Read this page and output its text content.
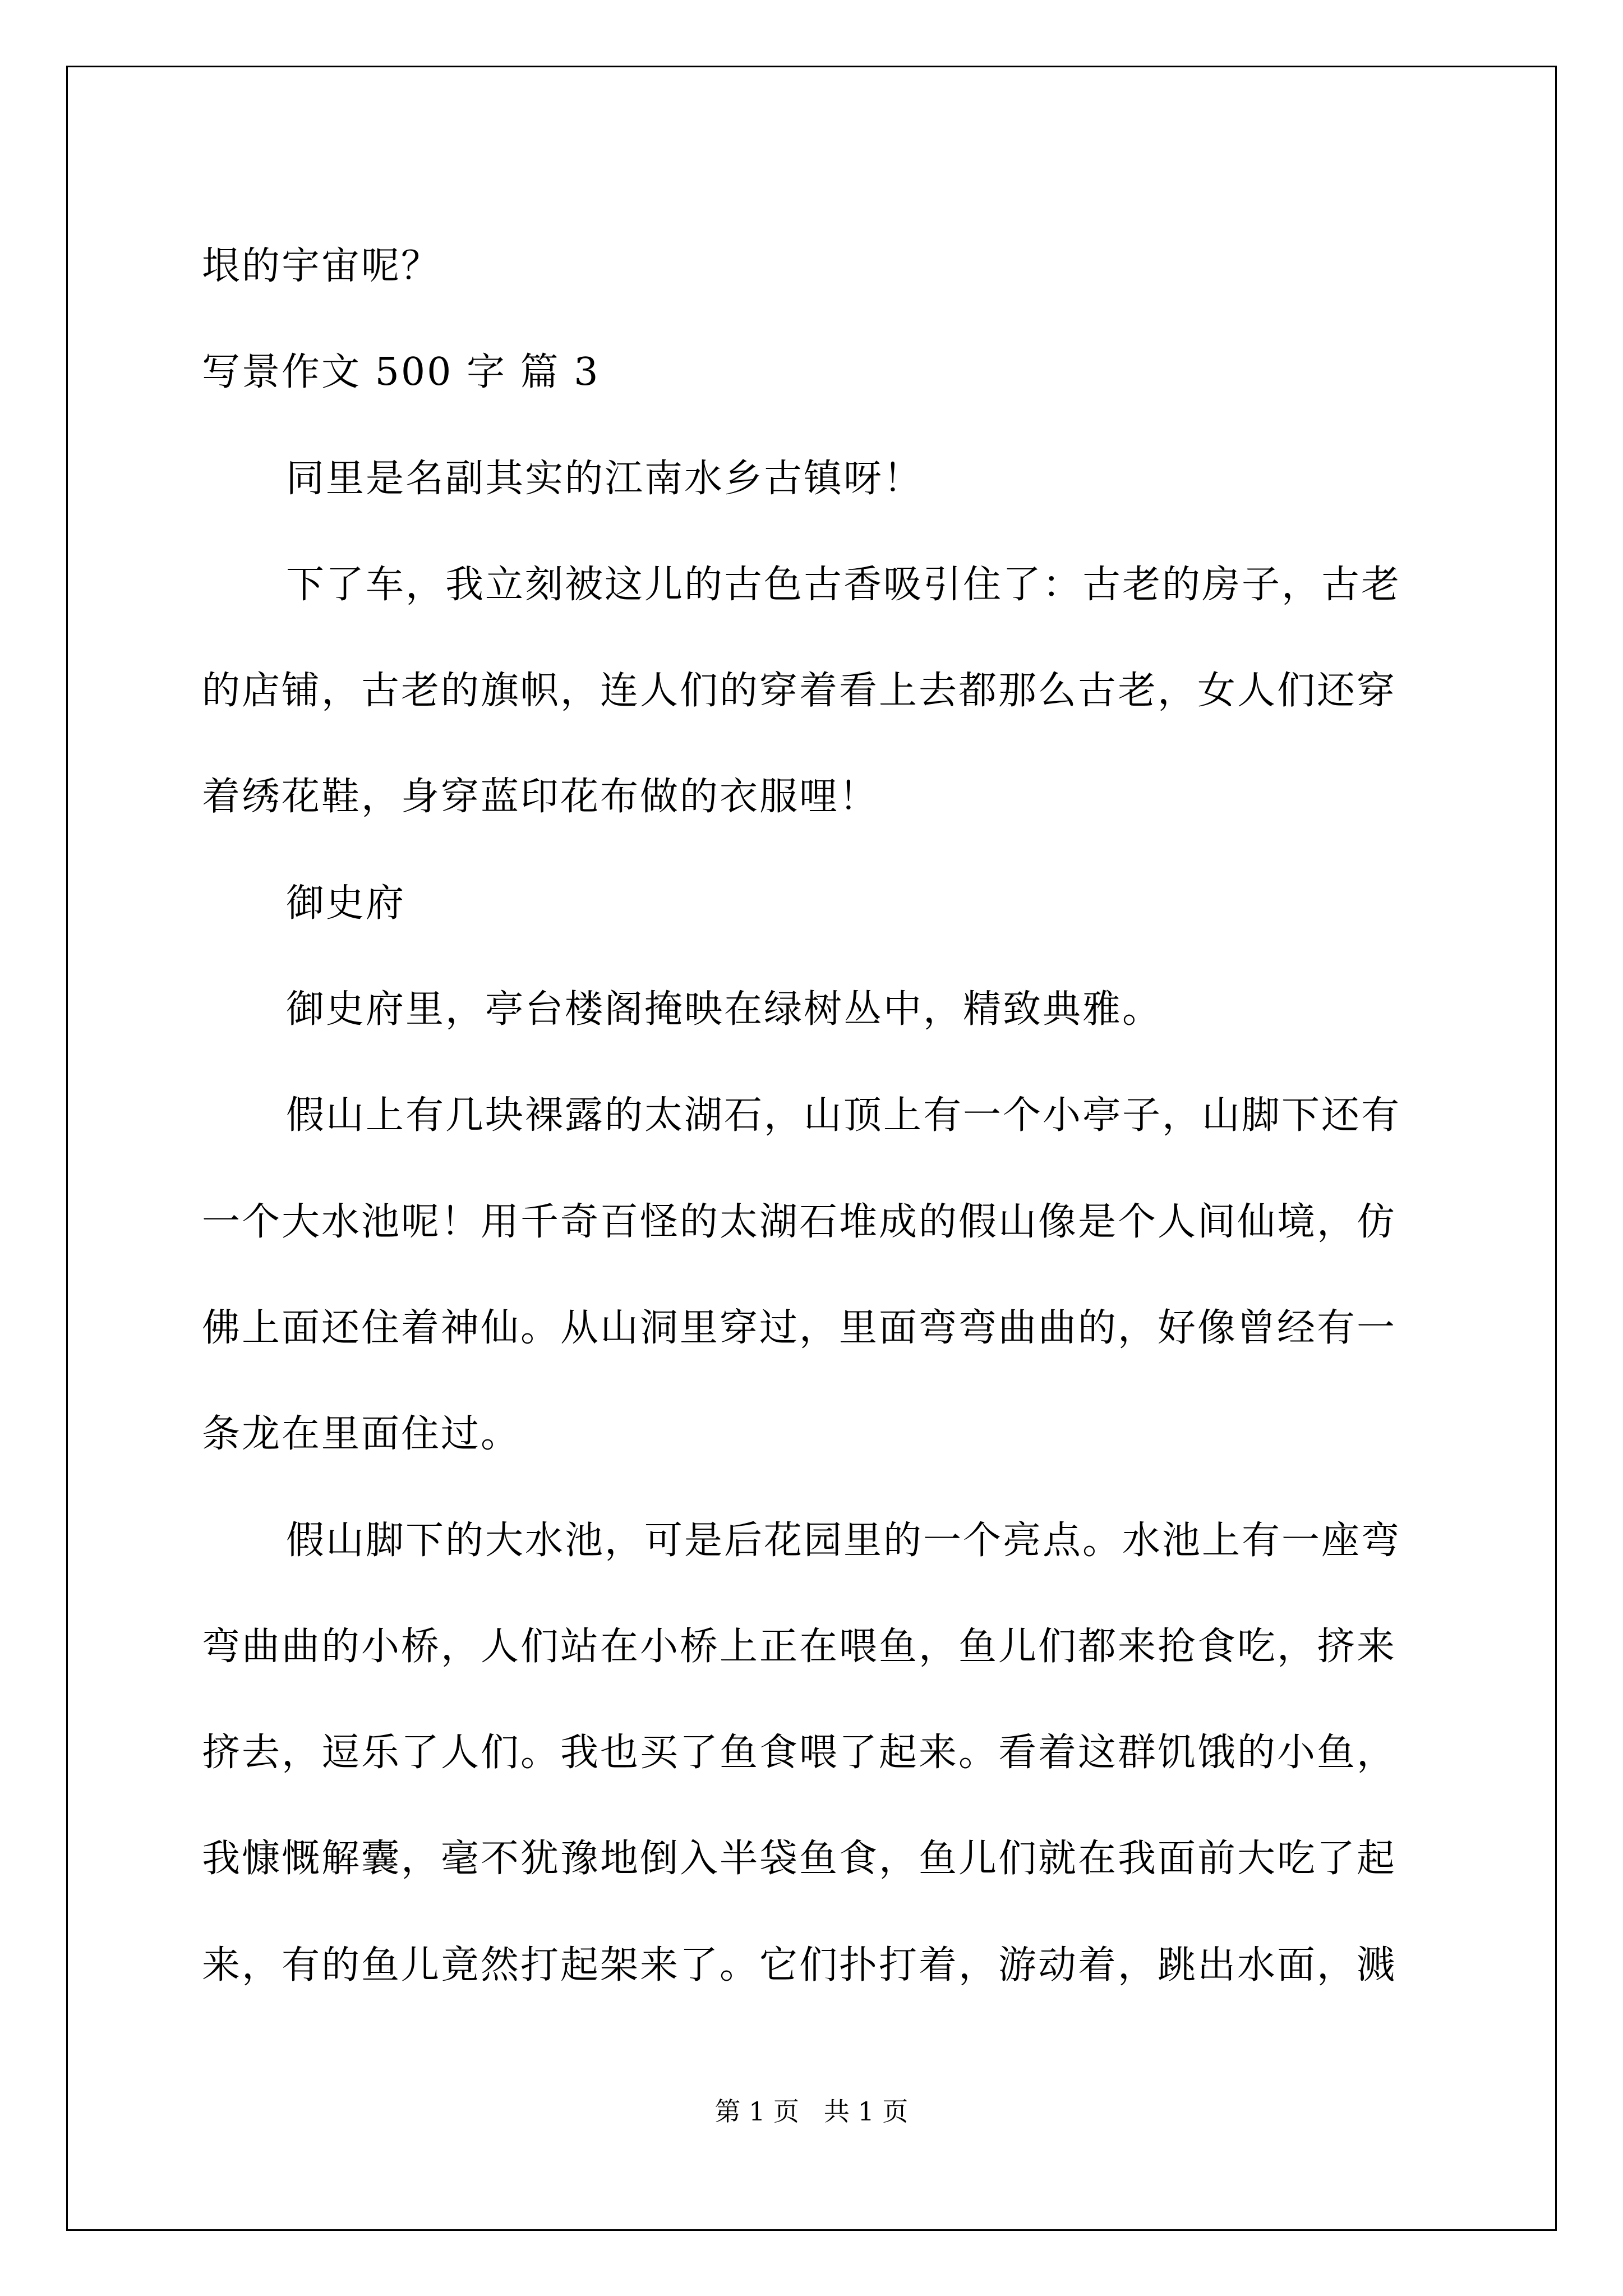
垠的宇宙呢？
写景作文 500 字 篇 3
同里是名副其实的江南水乡古镇呀！
下了车，我立刻被这儿的古色古香吸引住了：古老的房子，古老
的店铺，古老的旗帜，连人们的穿着看上去都那么古老，女人们还穿
着绣花鞋，身穿蓝印花布做的衣服哩！
御史府
御史府里，亭台楼阁掩映在绿树丛中，精致典雅。
假山上有几块裸露的太湖石，山顶上有一个小亭子，山脚下还有
一个大水池呢！用千奇百怪的太湖石堆成的假山像是个人间仙境，仿
佛上面还住着神仙。从山洞里穿过，里面弯弯曲曲的，好像曾经有一
条龙在里面住过。
假山脚下的大水池，可是后花园里的一个亮点。水池上有一座弯
弯曲曲的小桥，人们站在小桥上正在喂鱼，鱼儿们都来抢食吃，挤来
挤去，逗乐了人们。我也买了鱼食喂了起来。看着这群饥饿的小鱼，
我慷慨解囊，毫不犹豫地倒入半袋鱼食，鱼儿们就在我面前大吃了起
来，有的鱼儿竟然打起架来了。它们扑打着，游动着，跳出水面，溅
第 1 页   共 1 页
